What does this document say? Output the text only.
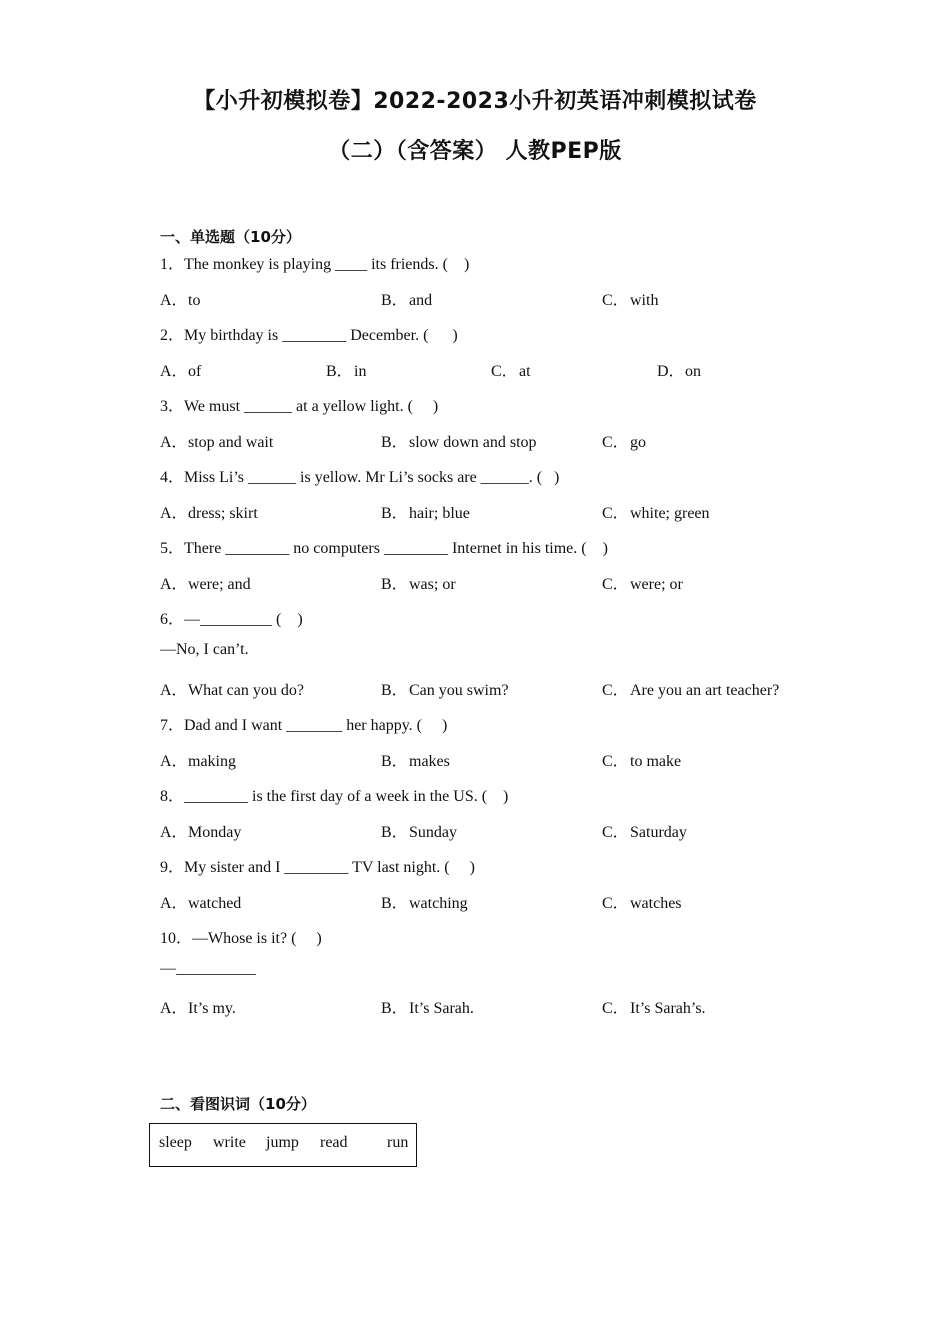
【小升初模拟卷】2022-2023小升初英语冲刺模拟试卷
（二）（含答案） 人教PEP版
一、单选题（10分）
1．The monkey is playing ____ its friends. (    )
A．to	B．and	C．with
2．My birthday is ________ December. (      )
A．of	B．in	C．at	D．on
3．We must ______ at a yellow light. (     )
A．stop and wait	B．slow down and stop	C．go
4．Miss Li’s ______ is yellow. Mr Li’s socks are ______. (   )
A．dress; skirt	B．hair; blue	C．white; green
5．There ________ no computers ________ Internet in his time. (    )
A．were; and	B．was; or	C．were; or
6．—_________ (    )
—No, I can’t.
A．What can you do?	B．Can you swim?	C．Are you an art teacher?
7．Dad and I want _______ her happy. (     )
A．making	B．makes	C．to make
8．________ is the first day of a week in the US. (    )
A．Monday	B．Sunday	C．Saturday
9．My sister and I ________ TV last night. (     )
A．watched	B．watching	C．watches
10．—Whose is it? (     )
—__________
A．It’s my.	B．It’s Sarah.	C．It’s Sarah’s.
二、看图识词（10分）
sleep write jump read run
